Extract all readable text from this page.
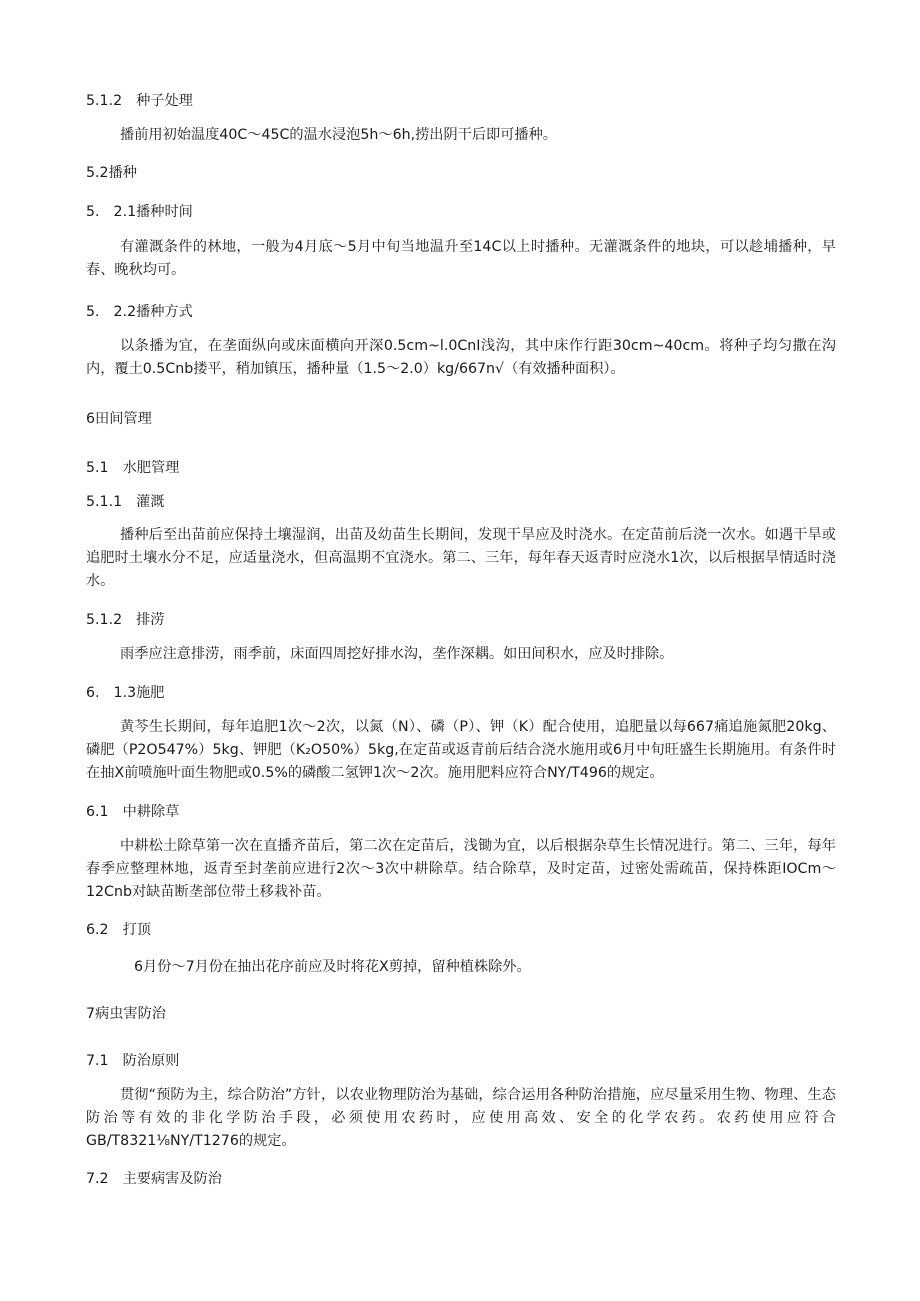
5.1.2 种子处理

播前用初始温度40C～45C的温水浸泡5h～6h,捞出阴干后即可播种。

5.2播种
5. 2.1播种时间

有灌溉条件的林地，一般为4月底～5月中旬当地温升至14C以上时播种。无灌溉条件的地块，可以趁埔播种，早春、晚秋均可。

5. 2.2播种方式

以条播为宜，在垄面纵向或床面横向开深0.5cm~l.0CnI浅沟，其中床作行距30cm~40cm。将种子均匀撒在沟内，覆土0.5Cnb搂平，稍加镇压，播种量（1.5～2.0）kg/667n√（有效播种面积）。

6田间管理
5.1 水肥管理
5.1.1 灌溉

播种后至出苗前应保持土壤湿润，出苗及幼苗生长期间，发现干旱应及时浇水。在定苗前后浇一次水。如遇干旱或追肥时土壤水分不足，应适量浇水，但高温期不宜浇水。第二、三年，每年春天返青时应浇水1次，以后根据旱情适时浇水。

5.1.2 排涝

雨季应注意排涝，雨季前，床面四周挖好排水沟，垄作深耦。如田间积水，应及时排除。

6. 1.3施肥

黄芩生长期间，每年追肥1次～2次，以氮（N）、磷（P）、钾（K）配合使用，追肥量以每667痛追施氮肥20kg、磷肥（P2O547%）5kg、钾肥（K₂O50%）5kg,在定苗或返青前后结合浇水施用或6月中旬旺盛生长期施用。有条件时在抽X前喷施叶面生物肥或0.5%的磷酸二氢钾1次～2次。施用肥料应符合NY/T496的规定。

6.1 中耕除草

中耕松土除草第一次在直播齐苗后，第二次在定苗后，浅锄为宜，以后根据杂草生长情况进行。第二、三年，每年春季应整理林地，返青至封垄前应进行2次～3次中耕除草。结合除草，及时定苗，过密处需疏苗，保持株距IOCm～12Cnb对缺苗断垄部位带土移栽补苗。

6.2 打顶

6月份～7月份在抽出花序前应及时将花X剪掉，留种植株除外。

7病虫害防治
7.1 防治原则

贯彻“预防为主，综合防治”方针，以农业物理防治为基础，综合运用各种防治措施，应尽量采用生物、物理、生态防治等有效的非化学防治手段，必须使用农药时，应使用高效、安全的化学农药。农药使用应符合GB/T8321⅛NY/T1276的规定。

7.2 主要病害及防治
